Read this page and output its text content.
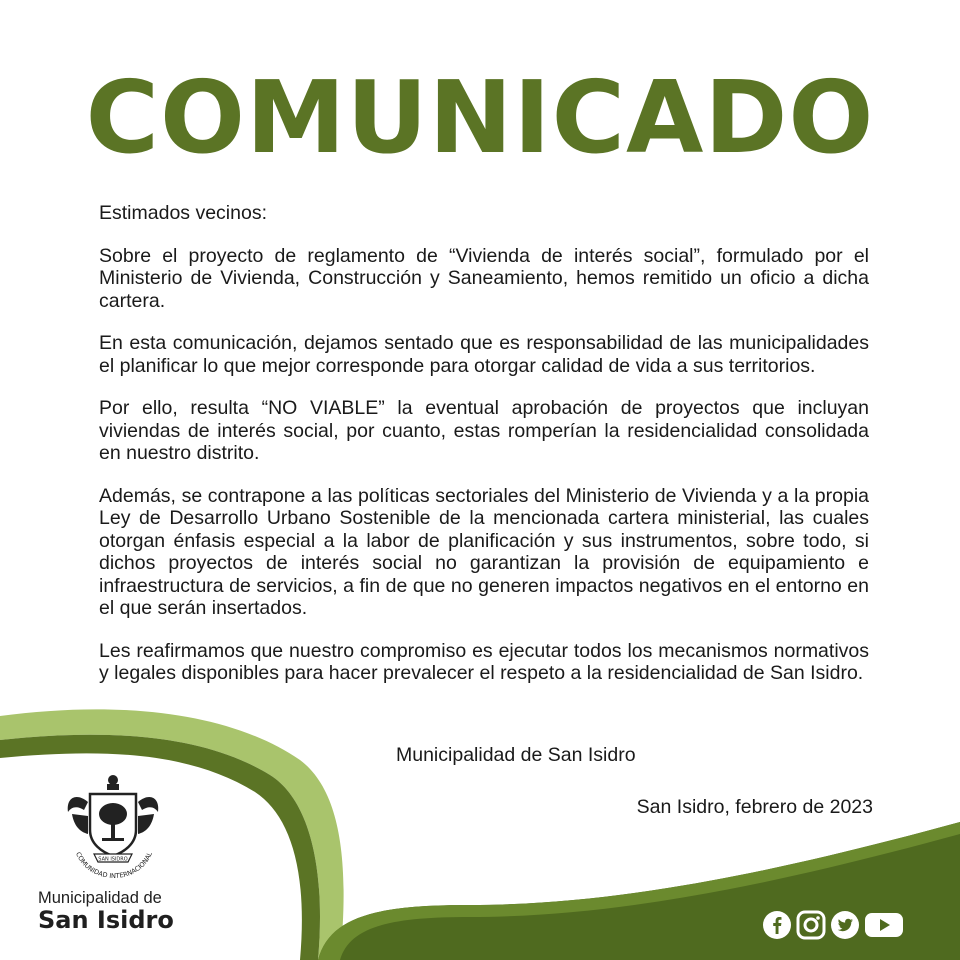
COMUNICADO

Estimados vecinos:

Sobre el proyecto de reglamento de “Vivienda de interés social”, formulado por el Ministerio de Vivienda, Construcción y Saneamiento, hemos remitido un oficio a dicha cartera.

En esta comunicación, dejamos sentado que es responsabilidad de las municipalidades el planificar lo que mejor corresponde para otorgar calidad de vida a sus territorios.

Por ello, resulta “NO VIABLE” la eventual aprobación de proyectos que incluyan viviendas de interés social, por cuanto, estas romperían la residencialidad consolidada en nuestro distrito.

Además, se contrapone a las políticas sectoriales del Ministerio de Vivienda y a la propia Ley de Desarrollo Urbano Sostenible de la mencionada cartera ministerial, las cuales otorgan énfasis especial a la labor de planificación y sus instrumentos, sobre todo, si dichos proyectos de interés social no garantizan la provisión de equipamiento e infraestructura de servicios, a fin de que no generen impactos negativos en el entorno en el que serán insertados.

Les reafirmamos que nuestro compromiso es ejecutar todos los mecanismos normativos y legales disponibles para hacer prevalecer el respeto a la residencialidad de San Isidro.

Municipalidad de San Isidro
San Isidro, febrero de 2023
SAN ISIDRO
COMUNIDAD INTERNACIONAL
Municipalidad de
San Isidro
